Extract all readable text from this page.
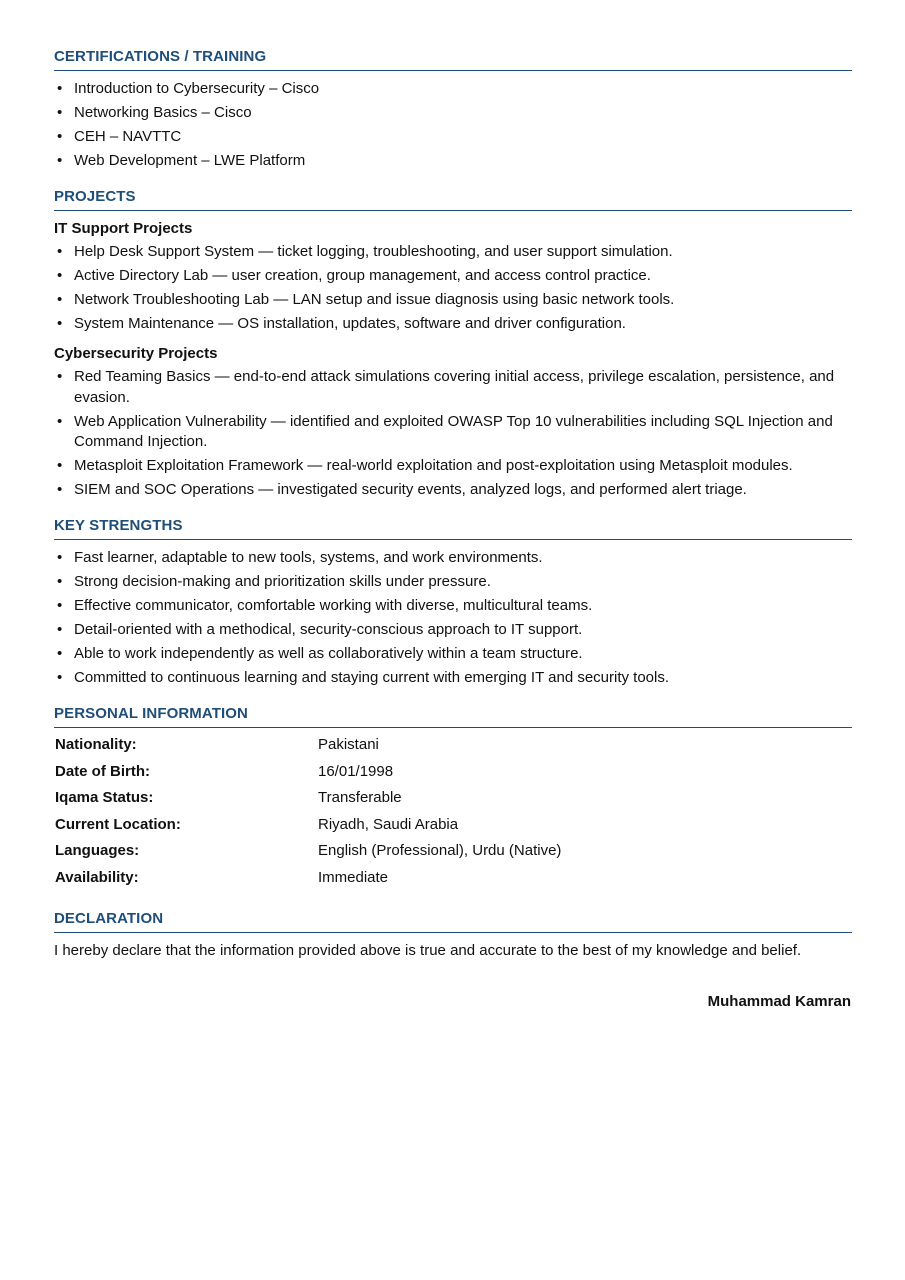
CERTIFICATIONS / TRAINING
• Introduction to Cybersecurity – Cisco
• Networking Basics – Cisco
• CEH – NAVTTC
• Web Development – LWE Platform
PROJECTS
IT Support Projects
• Help Desk Support System — ticket logging, troubleshooting, and user support simulation.
• Active Directory Lab — user creation, group management, and access control practice.
• Network Troubleshooting Lab — LAN setup and issue diagnosis using basic network tools.
• System Maintenance — OS installation, updates, software and driver configuration.
Cybersecurity Projects
• Red Teaming Basics — end-to-end attack simulations covering initial access, privilege escalation, persistence, and evasion.
• Web Application Vulnerability — identified and exploited OWASP Top 10 vulnerabilities including SQL Injection and Command Injection.
• Metasploit Exploitation Framework — real-world exploitation and post-exploitation using Metasploit modules.
• SIEM and SOC Operations — investigated security events, analyzed logs, and performed alert triage.
KEY STRENGTHS
• Fast learner, adaptable to new tools, systems, and work environments.
• Strong decision-making and prioritization skills under pressure.
• Effective communicator, comfortable working with diverse, multicultural teams.
• Detail-oriented with a methodical, security-conscious approach to IT support.
• Able to work independently as well as collaboratively within a team structure.
• Committed to continuous learning and staying current with emerging IT and security tools.
PERSONAL INFORMATION
Nationality:	Pakistani
Date of Birth:	16/01/1998
Iqama Status:	Transferable
Current Location:	Riyadh, Saudi Arabia
Languages:	English (Professional), Urdu (Native)
Availability:	Immediate
DECLARATION
I hereby declare that the information provided above is true and accurate to the best of my knowledge and belief.
Muhammad Kamran
